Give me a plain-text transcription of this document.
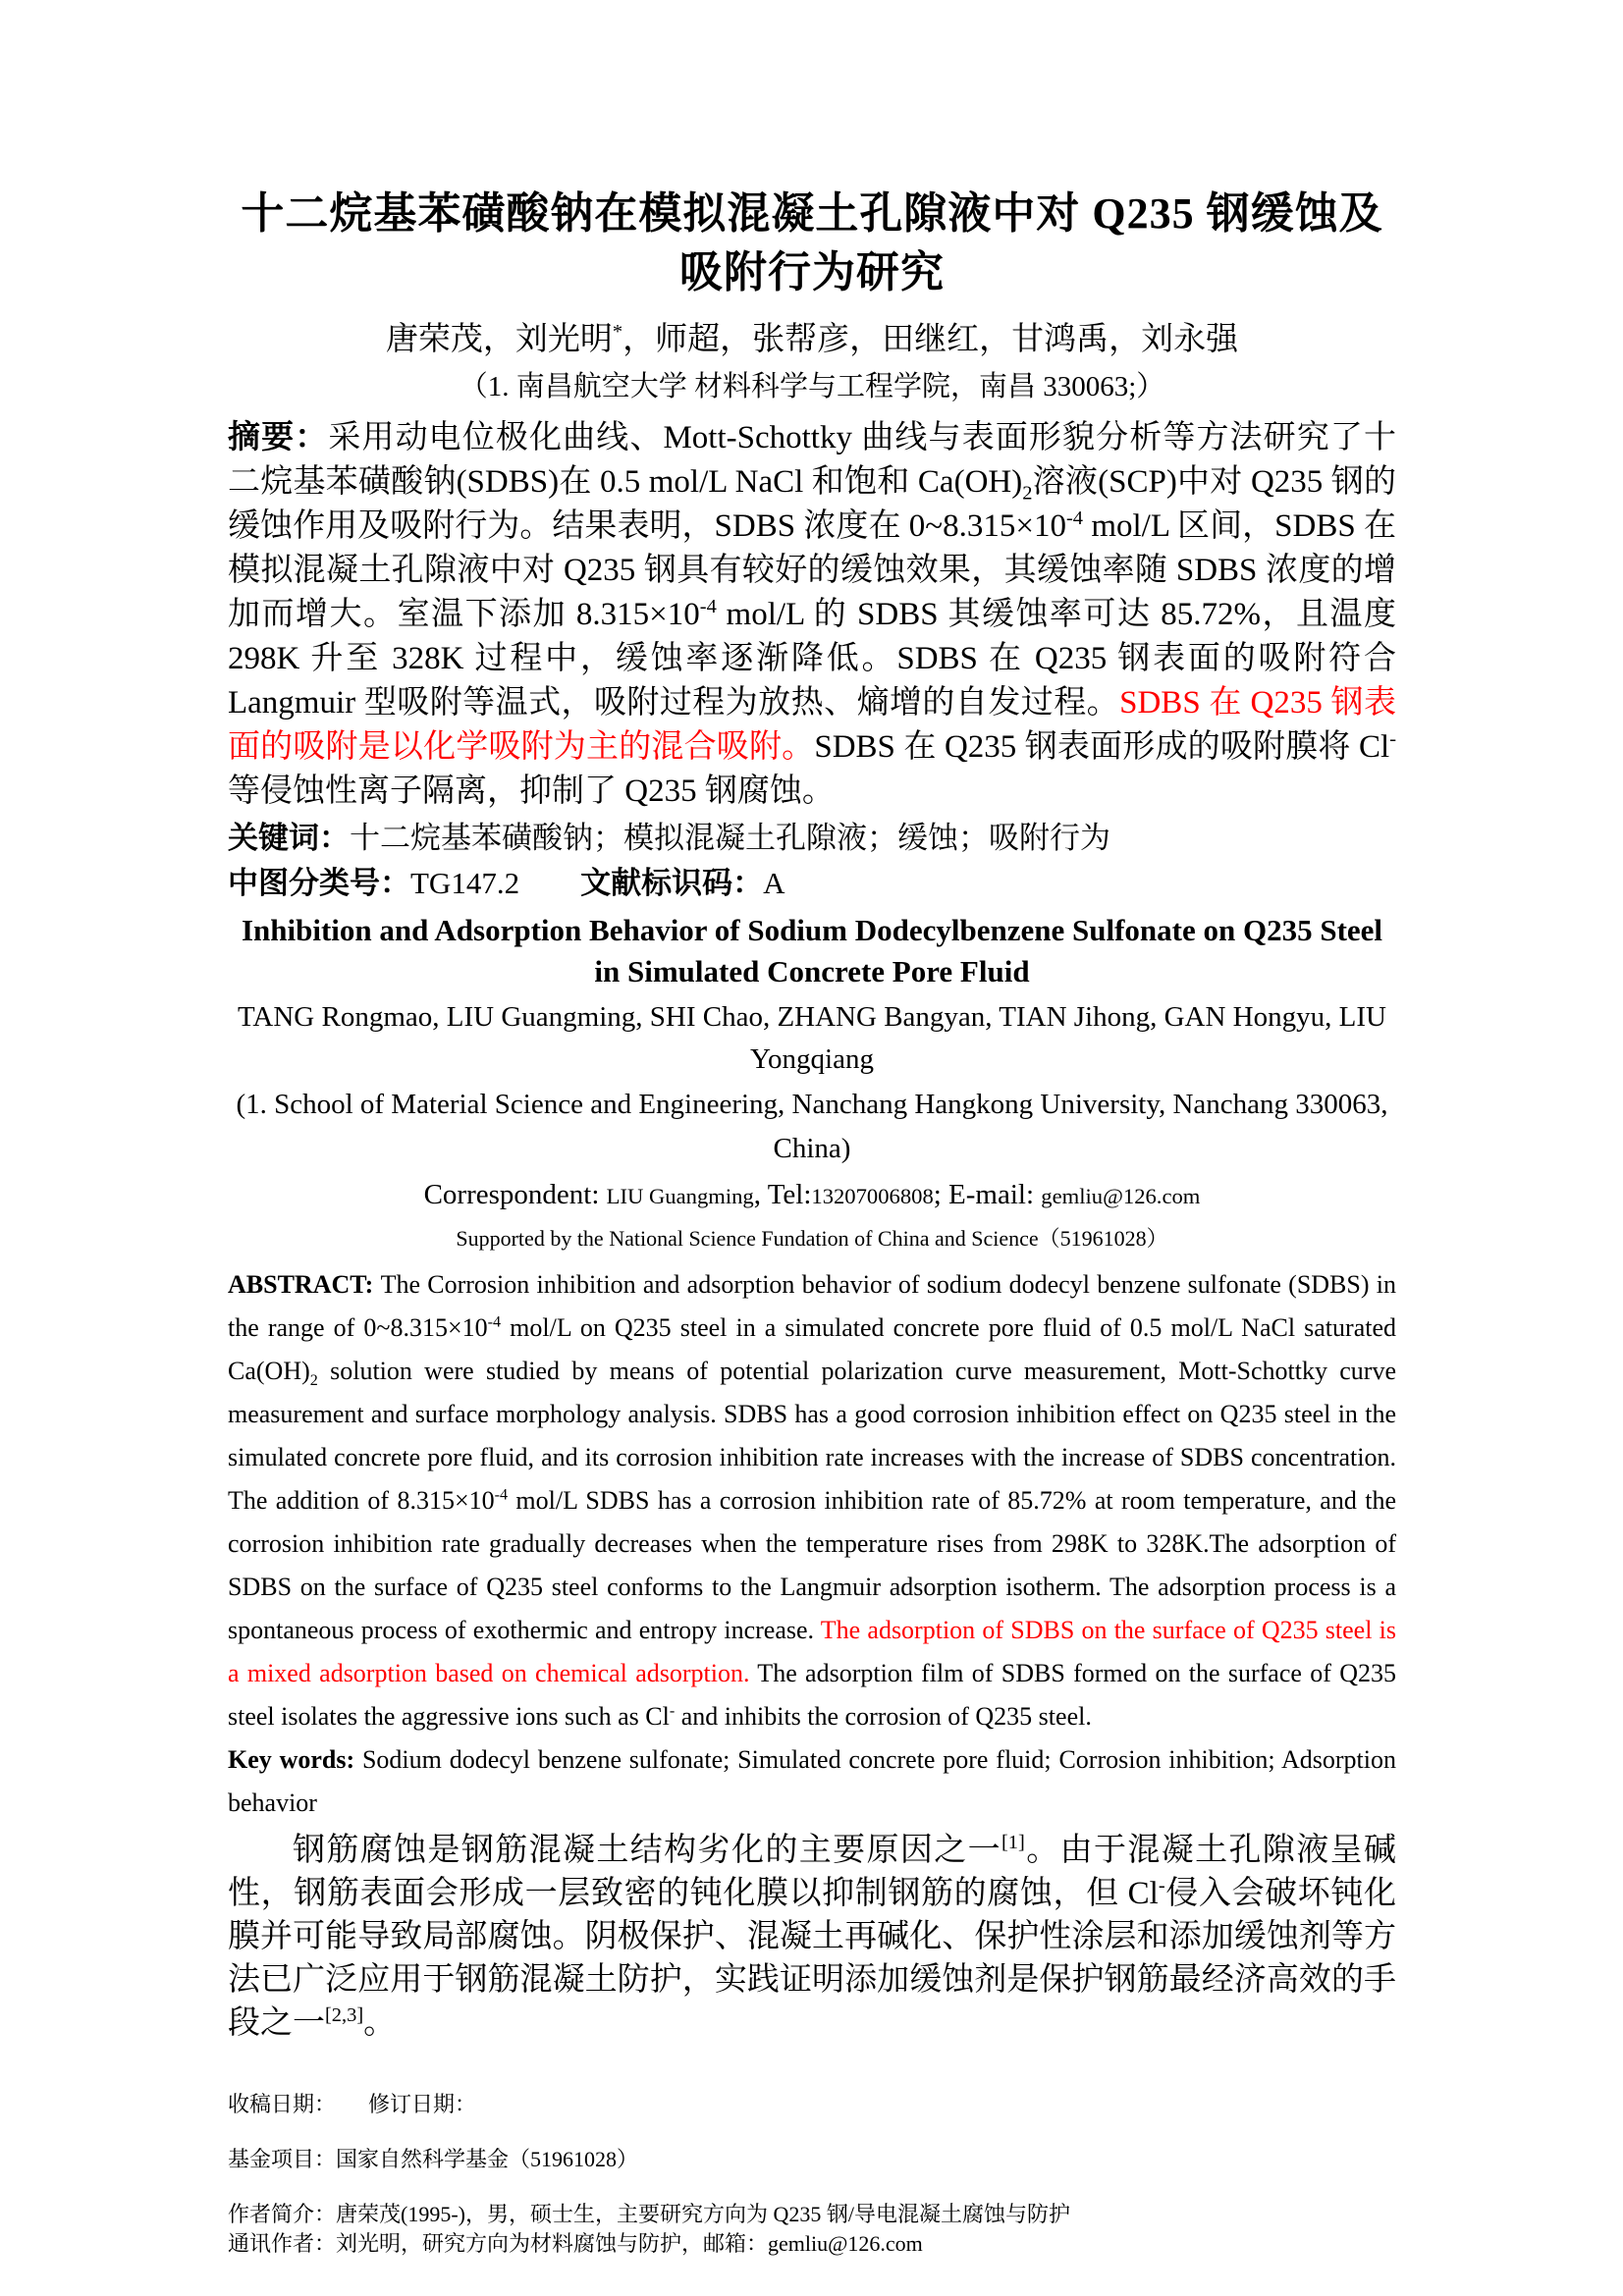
十二烷基苯磺酸钠在模拟混凝土孔隙液中对 Q235 钢缓蚀及
吸附行为研究
唐荣茂，刘光明*，师超，张帮彦，田继红，甘鸿禹，刘永强
（1. 南昌航空大学 材料科学与工程学院，南昌 330063;）
摘要：采用动电位极化曲线、Mott-Schottky 曲线与表面形貌分析等方法研究了十二烷基苯磺酸钠(SDBS)在 0.5 mol/L NaCl 和饱和 $Ca(OH)_2$溶液(SCP)中对 Q235 钢的缓蚀作用及吸附行为。结果表明，SDBS 浓度在 $0\sim 8.315\times 10^{-4}$ mol/L 区间，SDBS 在模拟混凝土孔隙液中对 Q235 钢具有较好的缓蚀效果，其缓蚀率随 SDBS 浓度的增加而增大。室温下添加 $8.315\times 10^{-4}$ mol/L 的 SDBS 其缓蚀率可达 85.72%，且温度 298K 升至 328K 过程中，缓蚀率逐渐降低。SDBS 在 Q235 钢表面的吸附符合 Langmuir 型吸附等温式，吸附过程为放热、熵增的自发过程。SDBS 在 Q235 钢表面的吸附是以化学吸附为主的混合吸附。SDBS 在 Q235 钢表面形成的吸附膜将 Cl-等侵蚀性离子隔离，抑制了 Q235 钢腐蚀。
关键词：十二烷基苯磺酸钠；模拟混凝土孔隙液；缓蚀；吸附行为
中图分类号：TG147.2　　文献标识码：A
Inhibition and Adsorption Behavior of Sodium Dodecylbenzene Sulfonate on Q235 Steel in Simulated Concrete Pore Fluid
TANG Rongmao, LIU Guangming, SHI Chao, ZHANG Bangyan, TIAN Jihong, GAN Hongyu, LIU Yongqiang
(1. School of Material Science and Engineering, Nanchang Hangkong University, Nanchang 330063, China)
Correspondent: LIU Guangming, Tel:13207006808; E-mail: gemliu@126.com
Supported by the National Science Fundation of China and Science（51961028）
ABSTRACT: The Corrosion inhibition and adsorption behavior of sodium dodecyl benzene sulfonate (SDBS) in the range of $0\sim 8.315\times 10^{-4}$ mol/L on Q235 steel in a simulated concrete pore fluid of 0.5 mol/L NaCl saturated $Ca(OH)_2$ solution were studied by means of potential polarization curve measurement, Mott-Schottky curve measurement and surface morphology analysis. SDBS has a good corrosion inhibition effect on Q235 steel in the simulated concrete pore fluid, and its corrosion inhibition rate increases with the increase of SDBS concentration. The addition of $8.315\times 10^{-4}$ mol/L SDBS has a corrosion inhibition rate of 85.72% at room temperature, and the corrosion inhibition rate gradually decreases when the temperature rises from 298K to 328K.The adsorption of SDBS on the surface of Q235 steel conforms to the Langmuir adsorption isotherm. The adsorption process is a spontaneous process of exothermic and entropy increase. The adsorption of SDBS on the surface of Q235 steel is a mixed adsorption based on chemical adsorption. The adsorption film of SDBS formed on the surface of Q235 steel isolates the aggressive ions such as Cl- and inhibits the corrosion of Q235 steel.
Key words: Sodium dodecyl benzene sulfonate; Simulated concrete pore fluid; Corrosion inhibition; Adsorption behavior
钢筋腐蚀是钢筋混凝土结构劣化的主要原因之一[1]。由于混凝土孔隙液呈碱性，钢筋表面会形成一层致密的钝化膜以抑制钢筋的腐蚀，但 Cl-侵入会破坏钝化膜并可能导致局部腐蚀。阴极保护、混凝土再碱化、保护性涂层和添加缓蚀剂等方法已广泛应用于钢筋混凝土防护，实践证明添加缓蚀剂是保护钢筋最经济高效的手段之一[2,3]。
收稿日期：　　修订日期：
基金项目：国家自然科学基金（51961028）
作者简介：唐荣茂(1995-)，男，硕士生，主要研究方向为 Q235 钢/导电混凝土腐蚀与防护
通讯作者：刘光明，研究方向为材料腐蚀与防护，邮箱：gemliu@126.com
